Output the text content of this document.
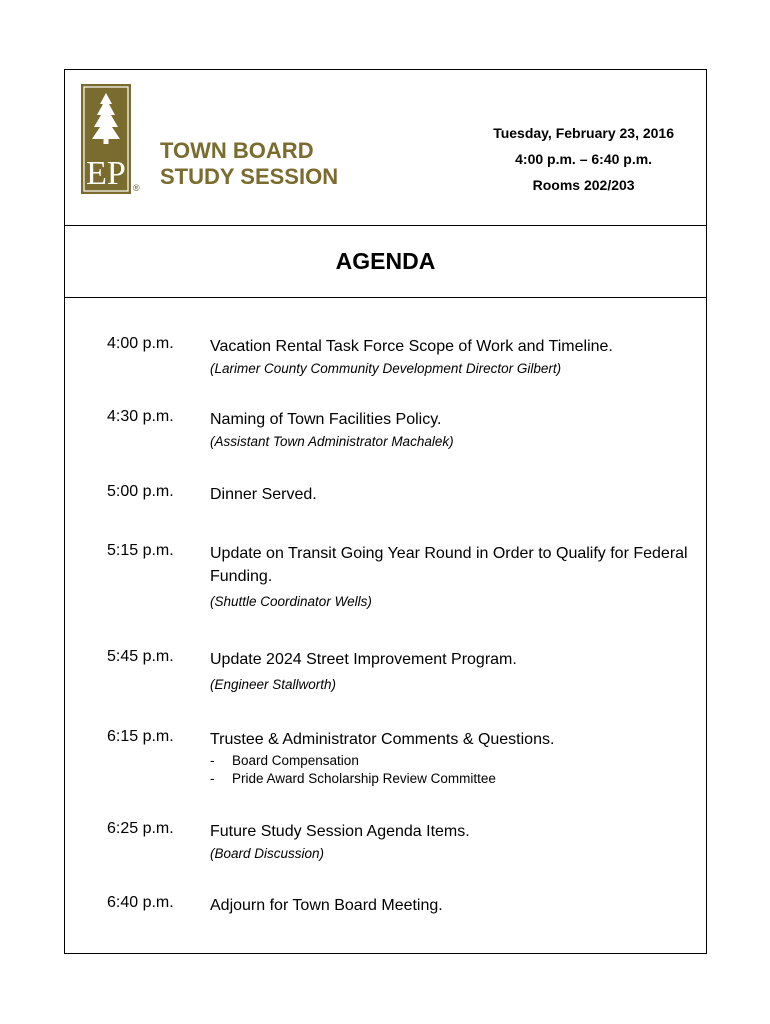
EP ®
TOWN BOARD
STUDY SESSION
Tuesday, February 23, 2016
4:00 p.m. – 6:40 p.m.
Rooms 202/203
AGENDA
4:00 p.m. Vacation Rental Task Force Scope of Work and Timeline.
(Larimer County Community Development Director Gilbert)
4:30 p.m. Naming of Town Facilities Policy.
(Assistant Town Administrator Machalek)
5:00 p.m. Dinner Served.
5:15 p.m. Update on Transit Going Year Round in Order to Qualify for Federal Funding.
(Shuttle Coordinator Wells)
5:45 p.m. Update 2024 Street Improvement Program.
(Engineer Stallworth)
6:15 p.m. Trustee & Administrator Comments & Questions.
- Board Compensation
- Pride Award Scholarship Review Committee
6:25 p.m. Future Study Session Agenda Items.
(Board Discussion)
6:40 p.m. Adjourn for Town Board Meeting.
